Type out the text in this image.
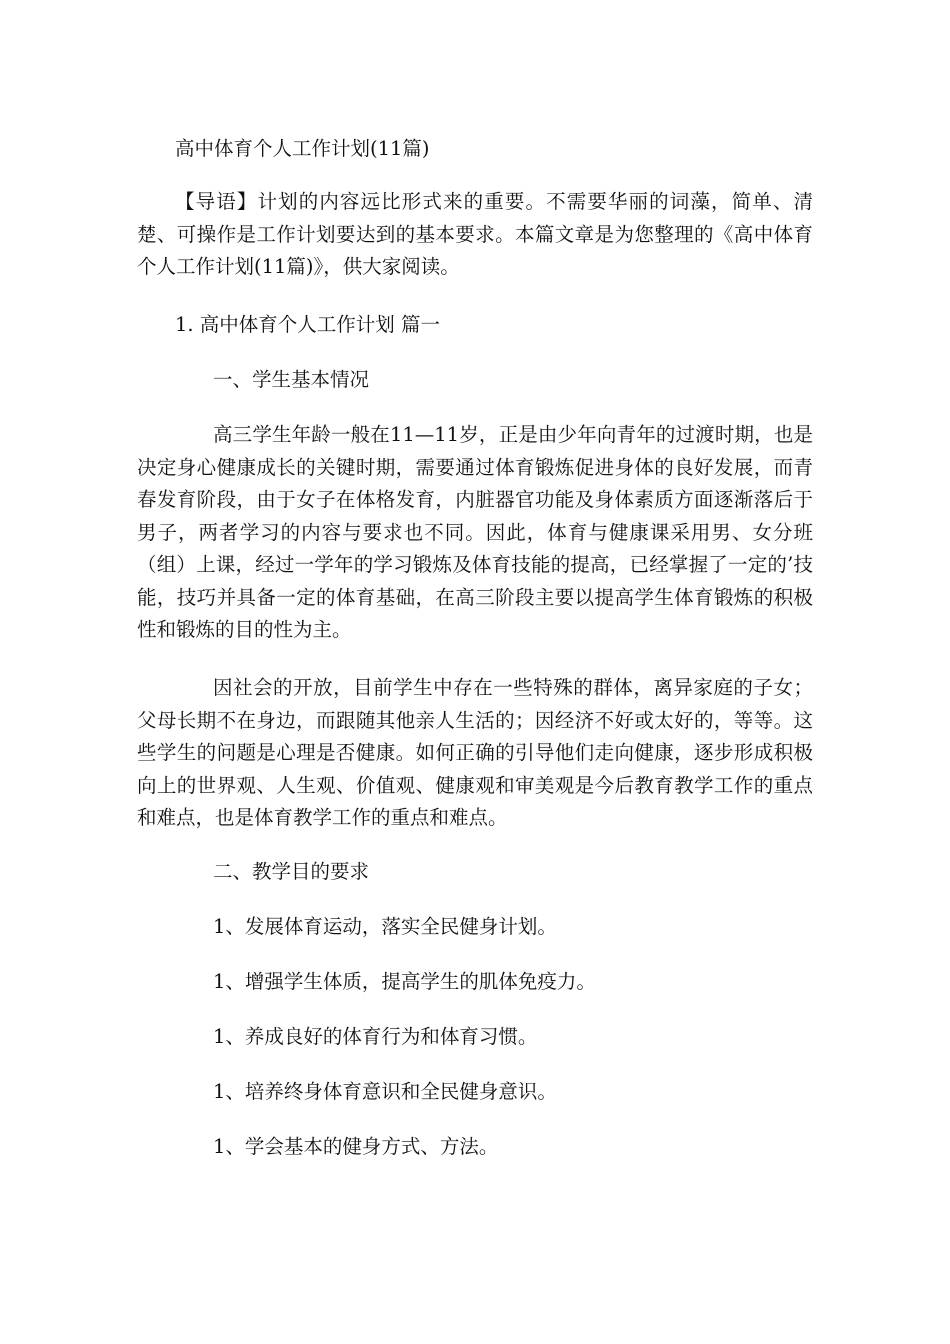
高中体育个人工作计划(11篇)

【导语】计划的内容远比形式来的重要。不需要华丽的词藻，简单、清楚、可操作是工作计划要达到的基本要求。本篇文章是为您整理的《高中体育个人工作计划(11篇)》，供大家阅读。

1. 高中体育个人工作计划 篇一

一、学生基本情况

高三学生年龄一般在11—11岁，正是由少年向青年的过渡时期，也是决定身心健康成长的关键时期，需要通过体育锻炼促进身体的良好发展，而青春发育阶段，由于女子在体格发育，内脏器官功能及身体素质方面逐渐落后于男子，两者学习的内容与要求也不同。因此，体育与健康课采用男、女分班（组）上课，经过一学年的学习锻炼及体育技能的提高，已经掌握了一定的’技能，技巧并具备一定的体育基础，在高三阶段主要以提高学生体育锻炼的积极性和锻炼的目的性为主。

因社会的开放，目前学生中存在一些特殊的群体，离异家庭的子女；父母长期不在身边，而跟随其他亲人生活的；因经济不好或太好的，等等。这些学生的问题是心理是否健康。如何正确的引导他们走向健康，逐步形成积极向上的世界观、人生观、价值观、健康观和审美观是今后教育教学工作的重点和难点，也是体育教学工作的重点和难点。

二、教学目的要求

1、发展体育运动，落实全民健身计划。

1、增强学生体质，提高学生的肌体免疫力。

1、养成良好的体育行为和体育习惯。

1、培养终身体育意识和全民健身意识。

1、学会基本的健身方式、方法。
